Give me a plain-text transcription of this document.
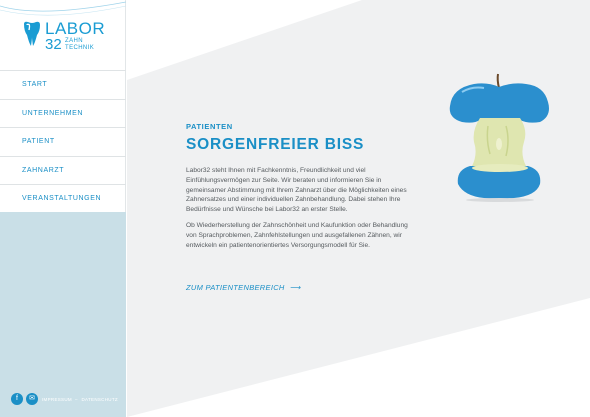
LABOR
32 ZAHN
TECHNIK
START
UNTERNEHMEN
PATIENT
ZAHNARZT
VERANSTALTUNGEN
f	✉	IMPRESSUM – DATENSCHUTZ
PATIENTEN
SORGENFREIER BISS

Labor32 steht Ihnen mit Fachkenntnis, Freundlichkeit und viel Einfühlungsvermögen zur Seite. Wir beraten und informieren Sie in gemeinsamer Abstimmung mit Ihrem Zahnarzt über die Möglichkeiten eines Zahnersatzes und einer individuellen Zahnbehandlung. Dabei stehen Ihre Bedürfnisse und Wünsche bei Labor32 an erster Stelle.

Ob Wiederherstellung der Zahnschönheit und Kaufunktion oder Behandlung von Sprachproblemen, Zahnfehlstellungen und ausgefallenen Zähnen, wir entwickeln ein patientenorientiertes Versorgungsmodell für Sie.

ZUM PATIENTENBEREICH ⟶
